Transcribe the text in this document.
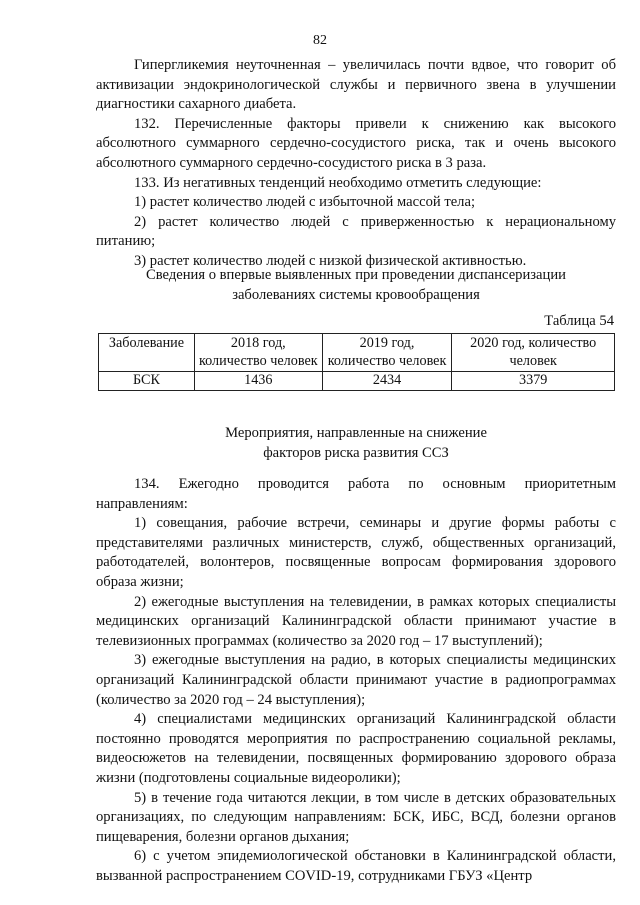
82

Гипергликемия неуточненная – увеличилась почти вдвое, что говорит об активизации эндокринологической службы и первичного звена в улучшении диагностики сахарного диабета.

132. Перечисленные факторы привели к снижению как высокого абсолютного суммарного сердечно-сосудистого риска, так и очень высокого абсолютного суммарного сердечно-сосудистого риска в 3 раза.

133. Из негативных тенденций необходимо отметить следующие:

1) растет количество людей с избыточной массой тела;

2) растет количество людей с приверженностью к нерациональному питанию;

3) растет количество людей с низкой физической активностью.

Сведения о впервые выявленных при проведении диспансеризации
заболеваниях системы кровообращения
Таблица 54
Заболевание	2018 год, количество человек	2019 год, количество человек	2020 год, количество человек
БСК	1436	2434	3379
Мероприятия, направленные на снижение
факторов риска развития ССЗ

134. Ежегодно проводится работа по основным приоритетным направлениям:

1) совещания, рабочие встречи, семинары и другие формы работы с представителями различных министерств, служб, общественных организаций, работодателей, волонтеров, посвященные вопросам формирования здорового образа жизни;

2) ежегодные выступления на телевидении, в рамках которых специалисты медицинских организаций Калининградской области принимают участие в телевизионных программах (количество за 2020 год – 17 выступлений);

3) ежегодные выступления на радио, в которых специалисты медицинских организаций Калининградской области принимают участие в радиопрограммах (количество за 2020 год – 24 выступления);

4) специалистами медицинских организаций Калининградской области постоянно проводятся мероприятия по распространению социальной рекламы, видеосюжетов на телевидении, посвященных формированию здорового образа жизни (подготовлены социальные видеоролики);

5) в течение года читаются лекции, в том числе в детских образовательных организациях, по следующим направлениям: БСК, ИБС, ВСД, болезни органов пищеварения, болезни органов дыхания;

6) с учетом эпидемиологической обстановки в Калининградской области, вызванной распространением COVID-19, сотрудниками ГБУЗ «Центр
